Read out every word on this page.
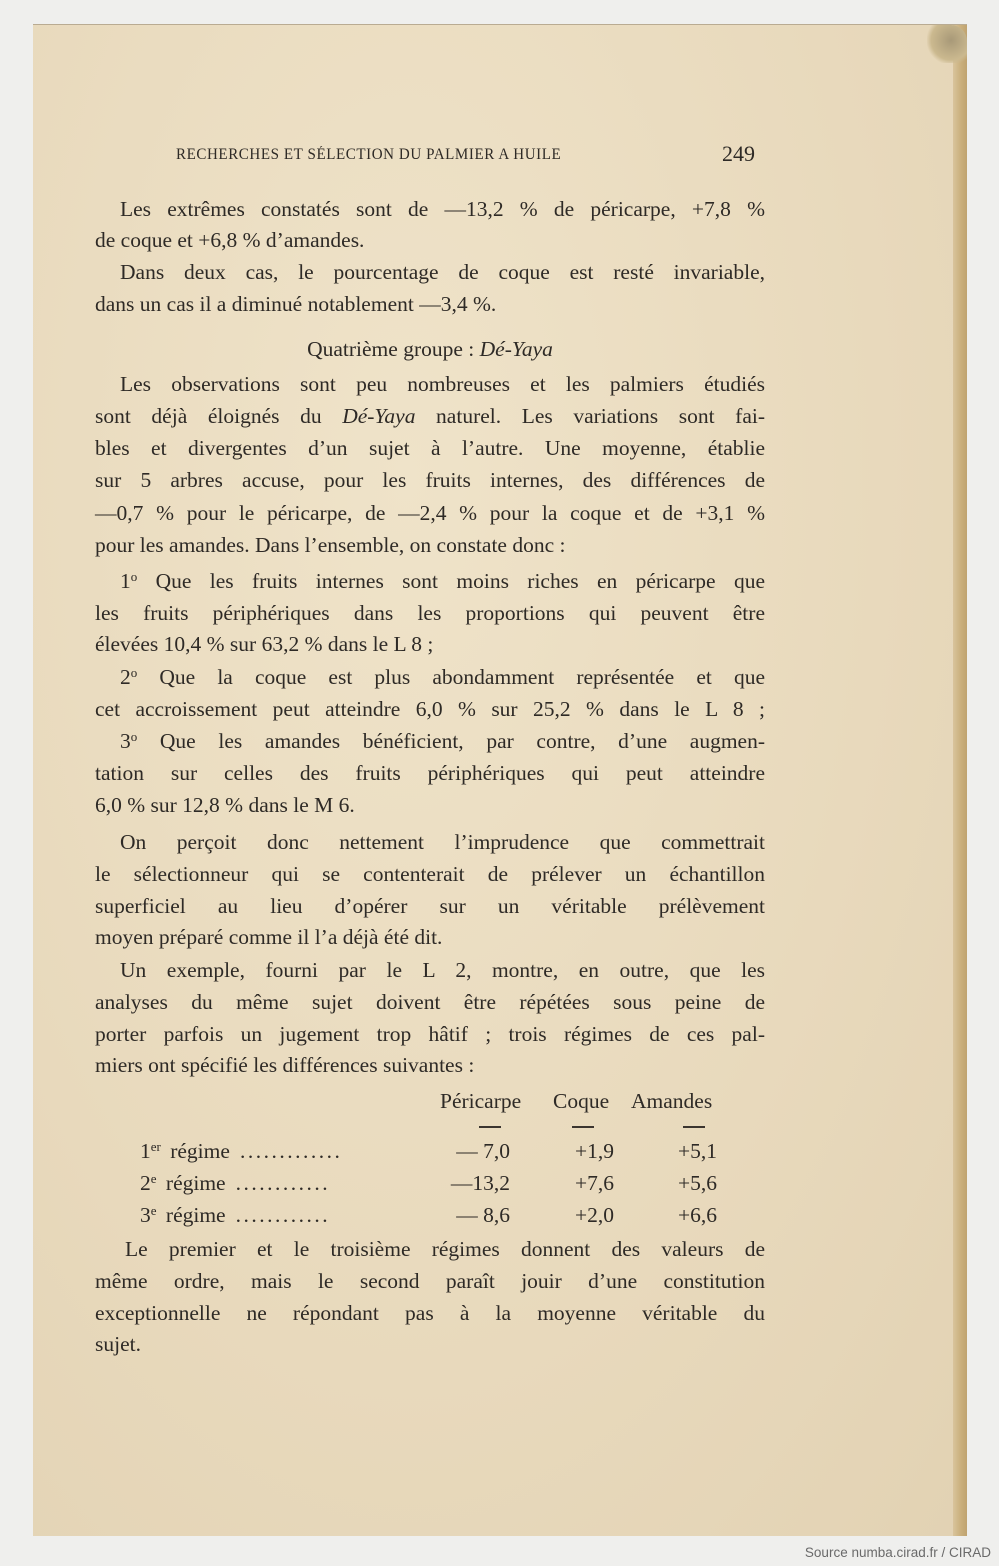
RECHERCHES ET SÉLECTION DU PALMIER A HUILE	249
Les extrêmes constatés sont de —13,2 % de péricarpe, +7,8 %
de coque et +6,8 % d’amandes.
Dans deux cas, le pourcentage de coque est resté invariable,
dans un cas il a diminué notablement —3,4 %.
Quatrième groupe : Dé-Yaya
Les observations sont peu nombreuses et les palmiers étudiés
sont déjà éloignés du Dé-Yaya naturel. Les variations sont fai-
bles et divergentes d’un sujet à l’autre. Une moyenne, établie
sur 5 arbres accuse, pour les fruits internes, des différences de
—0,7 % pour le péricarpe, de —2,4 % pour la coque et de +3,1 %
pour les amandes. Dans l’ensemble, on constate donc :
1$^o$ Que les fruits internes sont moins riches en péricarpe que
les fruits périphériques dans les proportions qui peuvent être
élevées 10,4 % sur 63,2 % dans le L 8 ;
2$^o$ Que la coque est plus abondamment représentée et que
cet accroissement peut atteindre 6,0 % sur 25,2 % dans le L 8 ;
3$^o$ Que les amandes bénéficient, par contre, d’une augmen-
tation sur celles des fruits périphériques qui peut atteindre
6,0 % sur 12,8 % dans le M 6.
On perçoit donc nettement l’imprudence que commettrait
le sélectionneur qui se contenterait de prélever un échantillon
superficiel au lieu d’opérer sur un véritable prélèvement
moyen préparé comme il l’a déjà été dit.
Un exemple, fourni par le L 2, montre, en outre, que les
analyses du même sujet doivent être répétées sous peine de
porter parfois un jugement trop hâtif ; trois régimes de ces pal-
miers ont spécifié les différences suivantes :
Le premier et le troisième régimes donnent des valeurs de
même ordre, mais le second paraît jouir d’une constitution
exceptionnelle ne répondant pas à la moyenne véritable du
sujet.
Péricarpe Coque Amandes
1er régime .............	— 7,0	+1,9	+5,1
2e régime ............	—13,2	+7,6	+5,6
3e régime ............	— 8,6	+2,0	+6,6
Source numba.cirad.fr / CIRAD
